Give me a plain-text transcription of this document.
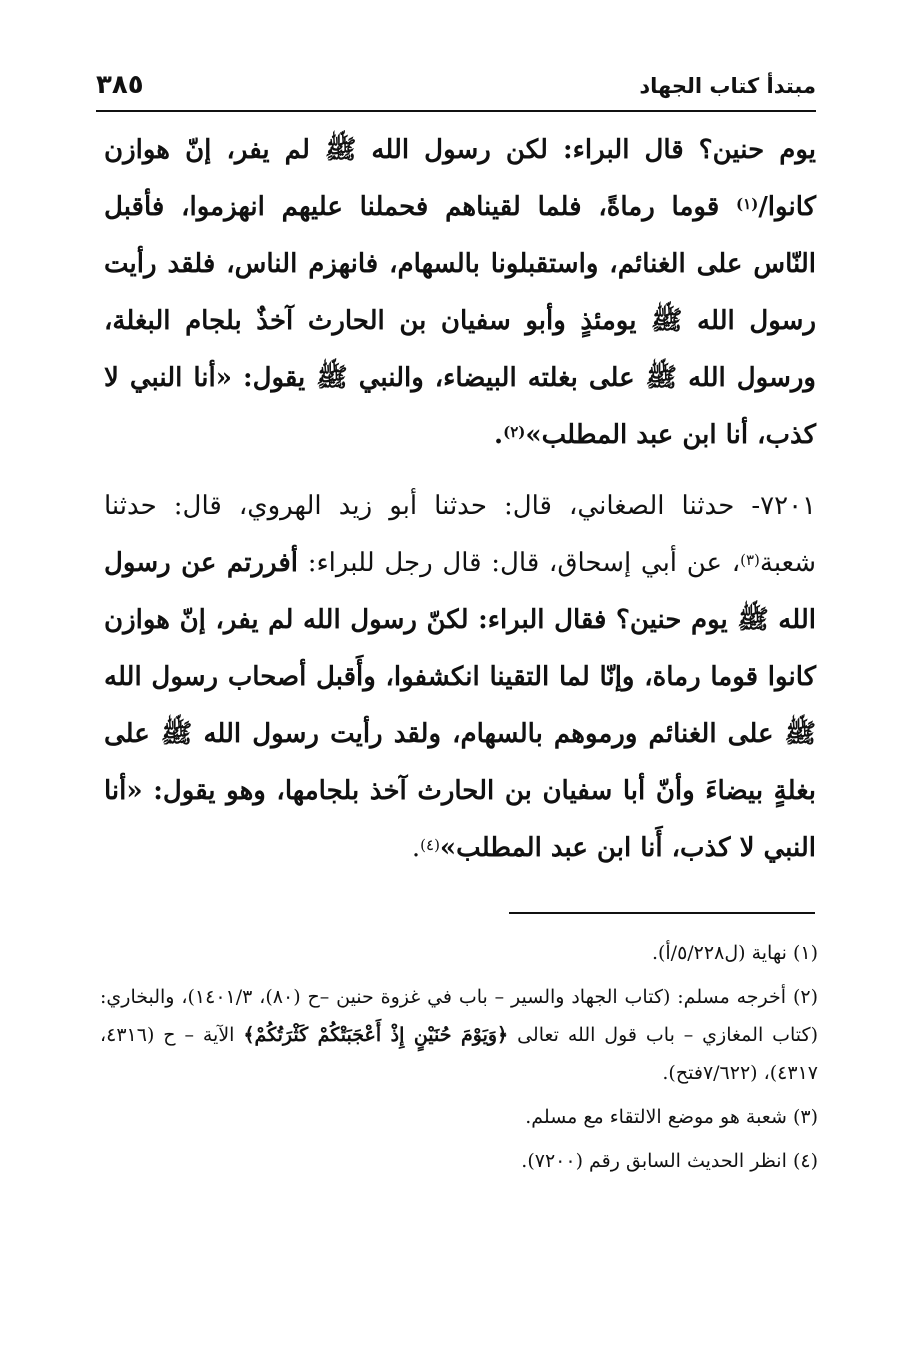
٣٨٥	مبتدأ كتاب الجهاد

يوم حنين؟ قال البراء: لكن رسول الله ﷺ لم يفر، إنّ هوازن كانوا/$^{(١)}$ قوما رماةً، فلما لقيناهم فحملنا عليهم انهزموا، فأقبل النّاس على الغنائم، واستقبلونا بالسهام، فانهزم الناس، فلقد رأيت رسول الله ﷺ يومئذٍ وأبو سفيان بن الحارث آخذٌ بلجام البغلة، ورسول الله ﷺ على بغلته البيضاء، والنبي ﷺ يقول: «أنا النبي لا كذب، أنا ابن عبد المطلب»$^{(٢)}$.

٧٢٠١- حدثنا الصغاني، قال: حدثنا أبو زيد الهروي، قال: حدثنا شعبة$^{(٣)}$، عن أبي إسحاق، قال: قال رجل للبراء: أفررتم عن رسول الله ﷺ يوم حنين؟ فقال البراء: لكنّ رسول الله لم يفر، إنّ هوازن كانوا قوما رماة، وإنّا لما التقينا انكشفوا، وأَقبل أصحاب رسول الله ﷺ على الغنائم ورموهم بالسهام، ولقد رأيت رسول الله ﷺ على بغلةٍ بيضاءَ وأنّ أبا سفيان بن الحارث آخذ بلجامها، وهو يقول: «أنا النبي لا كذب، أَنا ابن عبد المطلب»$^{(٤)}$.

(١) نهاية (ل٥/٢٢٨/أ).

(٢) أخرجه مسلم: (كتاب الجهاد والسير – باب في غزوة حنين –ح (٨٠)، ١٤٠١/٣)، والبخاري: (كتاب المغازي – باب قول الله تعالى ﴿وَيَوْمَ حُنَيْنٍ إِذْ أَعْجَبَتْكُمْ كَثْرَتُكُمْ﴾ الآية – ح (٤٣١٦، ٤٣١٧)، (٧/٦٢٢فتح).

(٣) شعبة هو موضع الالتقاء مع مسلم.

(٤) انظر الحديث السابق رقم (٧٢٠٠).
